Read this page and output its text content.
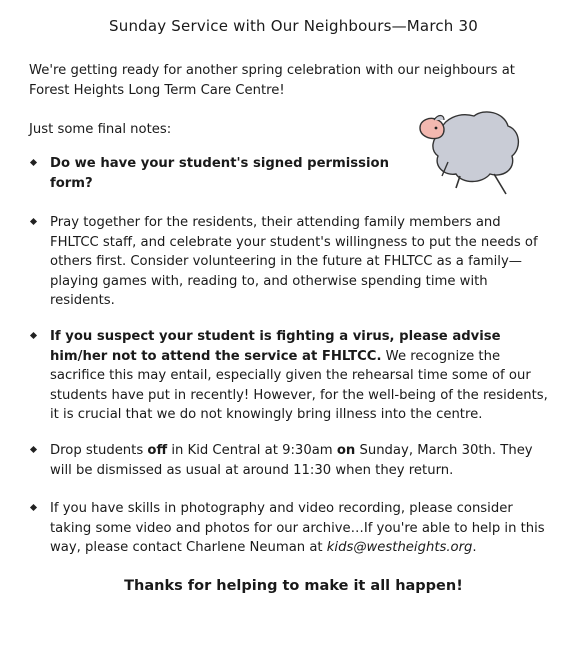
Sunday Service with Our Neighbours—March 30
We're getting ready for another spring celebration with our neighbours at Forest Heights Long Term Care Centre!
Just some final notes:
Do we have your student's signed permission form?
Pray together for the residents, their attending family members and FHLTCC staff, and celebrate your student's willingness to put the needs of others first. Consider volunteering in the future at FHLTCC as a family—playing games with, reading to, and otherwise spending time with residents.
If you suspect your student is fighting a virus, please advise him/her not to attend the service at FHLTCC. We recognize the sacrifice this may entail, especially given the rehearsal time some of our students have put in recently! However, for the well-being of the residents, it is crucial that we do not knowingly bring illness into the centre.
Drop students off in Kid Central at 9:30am on Sunday, March 30th. They will be dismissed as usual at around 11:30 when they return.
If you have skills in photography and video recording, please consider taking some video and photos for our archive…If you're able to help in this way, please contact Charlene Neuman at kids@westheights.org.
Thanks for helping to make it all happen!
